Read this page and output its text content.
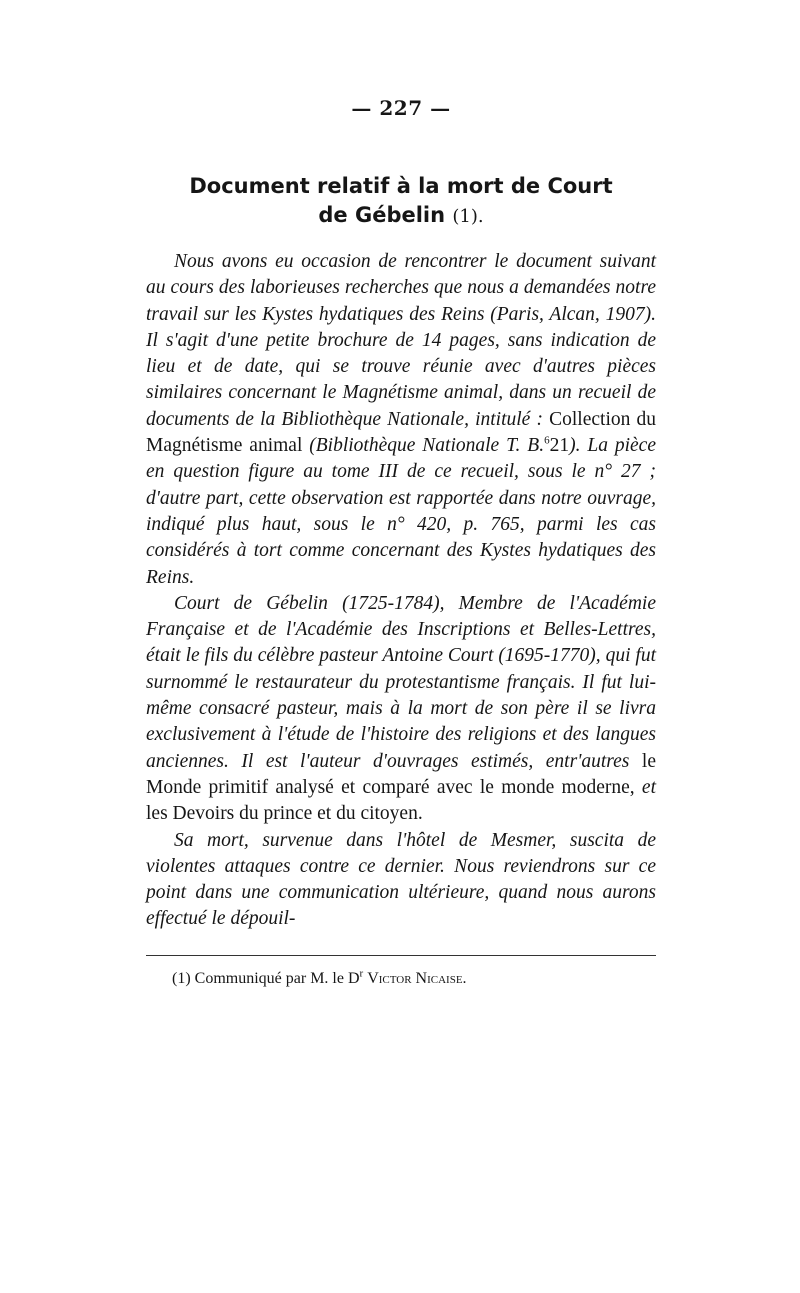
— 227 —
Document relatif à la mort de Court
de Gébelin (1).

Nous avons eu occasion de rencontrer le document suivant au cours des laborieuses recherches que nous a demandées notre travail sur les Kystes hydatiques des Reins (Paris, Alcan, 1907). Il s'agit d'une petite brochure de 14 pages, sans indication de lieu et de date, qui se trouve réunie avec d'autres pièces similaires concernant le Magnétisme animal, dans un recueil de documents de la Bibliothèque Nationale, intitulé : Collection du Magnétisme animal (Bibliothèque Nationale T. B.$^6$21). La pièce en question figure au tome III de ce recueil, sous le n° 27 ; d'autre part, cette observation est rapportée dans notre ouvrage, indiqué plus haut, sous le n° 420, p. 765, parmi les cas considérés à tort comme concernant des Kystes hydatiques des Reins.

Court de Gébelin (1725-1784), Membre de l'Académie Française et de l'Académie des Inscriptions et Belles-Lettres, était le fils du célèbre pasteur Antoine Court (1695-1770), qui fut surnommé le restaurateur du protestantisme français. Il fut lui-même consacré pasteur, mais à la mort de son père il se livra exclusivement à l'étude de l'histoire des religions et des langues anciennes. Il est l'auteur d'ouvrages estimés, entr'autres le Monde primitif analysé et comparé avec le monde moderne, et les Devoirs du prince et du citoyen.

Sa mort, survenue dans l'hôtel de Mesmer, suscita de violentes attaques contre ce dernier. Nous reviendrons sur ce point dans une communication ultérieure, quand nous aurons effectué le dépouil-

(1) Communiqué par M. le $D^r$ Victor Nicaise.
